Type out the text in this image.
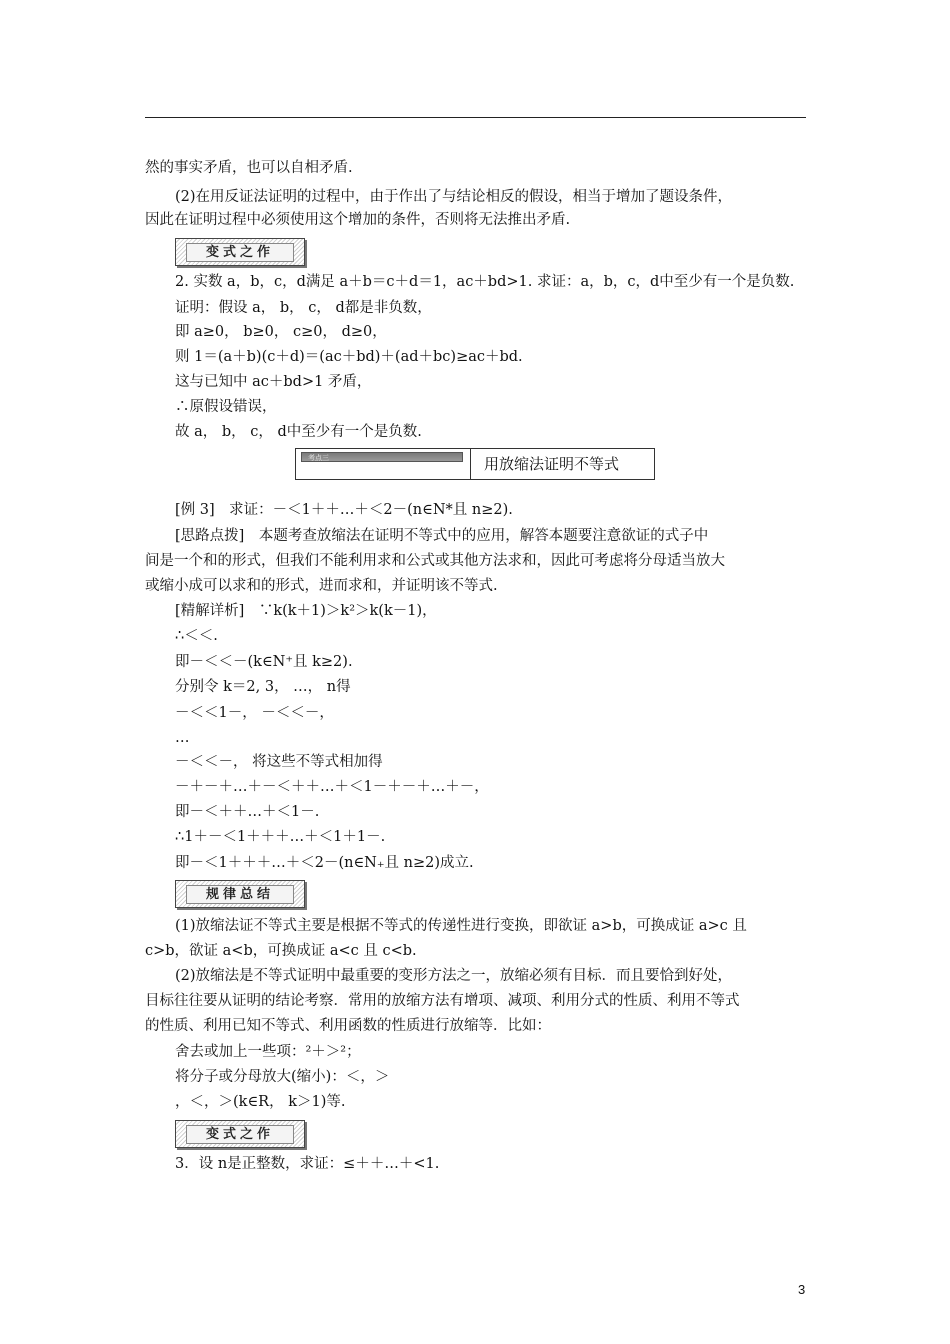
然的事实矛盾，也可以自相矛盾.
(2)在用反证法证明的过程中，由于作出了与结论相反的假设，相当于增加了题设条件，
因此在证明过程中必须使用这个增加的条件，否则将无法推出矛盾.
变式之作
2. 实数 a，b，c，d满足 a＋b＝c＋d＝1，ac＋bd>1. 求证：a，b，c，d中至少有一个是负数.
证明：假设 a， b， c， d都是非负数，
即 a≥0， b≥0， c≥0， d≥0，
则 1＝(a＋b)(c＋d)＝(ac＋bd)＋(ad＋bc)≥ac＋bd.
这与已知中 ac＋bd>1 矛盾，
∴原假设错误，
故 a， b， c， d中至少有一个是负数.
考点三	用放缩法证明不等式
[例 3]　求证：－＜1＋＋…＋＜2－(n∈N*且 n≥2).
[思路点拨]　本题考查放缩法在证明不等式中的应用，解答本题要注意欲证的式子中
间是一个和的形式，但我们不能利用求和公式或其他方法求和，因此可考虑将分母适当放大
或缩小成可以求和的形式，进而求和，并证明该不等式.
[精解详析]　∵k(k＋1)＞k²＞k(k－1)，
∴＜＜.
即－＜＜－(k∈N⁺且 k≥2).
分别令 k＝2, 3， …， n得
－＜＜1－， －＜＜－，
…
－＜＜－， 将这些不等式相加得
－＋－＋…＋－＜＋＋…＋＜1－＋－＋…＋－，
即－＜＋＋…＋＜1－.
∴1＋－＜1＋＋＋…＋＜1＋1－.
即－＜1＋＋＋…＋＜2－(n∈N₊且 n≥2)成立.
规律总结
(1)放缩法证不等式主要是根据不等式的传递性进行变换，即欲证 a>b，可换成证 a>c 且
c>b，欲证 a<b，可换成证 a<c 且 c<b.
(2)放缩法是不等式证明中最重要的变形方法之一，放缩必须有目标．而且要恰到好处，
目标往往要从证明的结论考察．常用的放缩方法有增项、减项、利用分式的性质、利用不等式
的性质、利用已知不等式、利用函数的性质进行放缩等．比如：
舍去或加上一些项：²＋＞²；
将分子或分母放大(缩小)：＜，＞
，＜，＞(k∈R， k＞1)等.
变式之作
3．设 n是正整数，求证：≤＋＋…＋<1.
3
